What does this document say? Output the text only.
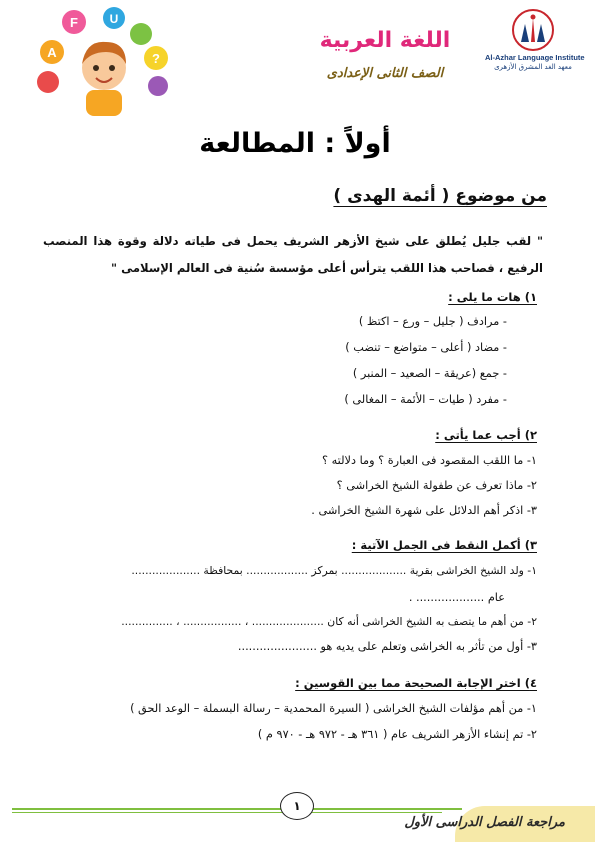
F	U
A	?	Al-Azhar Language Institute
معهد الغد المشرق الأزهرى
اللغة العربية
الصف الثانى الإعدادى
أولاً : المطالعة
من موضوع ( أئمة الهدى )
" لقب جليل يُطلق على شيخ الأزهر الشريف يحمل فى طياته دلالة وقوة هذا المنصب الرفيع ، فصاحب هذا اللقب يترأس أعلى مؤسسة سُنية فى العالم الإسلامى "
١) هات ما يلى :
- مرادف ( جليل – ورع – اكتظ )
- مضاد ( أعلى – متواضع – تنضب )
- جمع (عريقة – الصعيد – المنبر )
- مفرد ( طيات – الأئمة – المغالى )
٢) أجب عما يأتى :
١- ما اللقب المقصود فى العبارة ؟ وما دلالته ؟
٢- ماذا تعرف عن طفولة الشيخ الخراشى ؟
٣- اذكر أهم الدلائل على شهرة الشيخ الخراشى .
٣) أكمل النقط فى الجمل الآتية :
١- ولد الشيخ الخراشى بقرية ................... بمركز .................. بمحافظة ....................
عام ................... .
٢- من أهم ما يتصف به الشيخ الخراشى أنه كان ..................... ، ................. ، ...............
٣- أول من تأثر به الخراشى وتعلم على يديه هو ......................
٤) اختر الإجابة الصحيحة مما بين القوسين :
١- من أهم مؤلفات الشيخ الخراشى ( السيرة المحمدية – رسالة البسملة – الوعد الحق )
٢- تم إنشاء الأزهر الشريف عام ( ٣٦١ هـ - ٩٧٢ هـ - ٩٧٠ م )
١
مراجعة الفصل الدراسى الأول
